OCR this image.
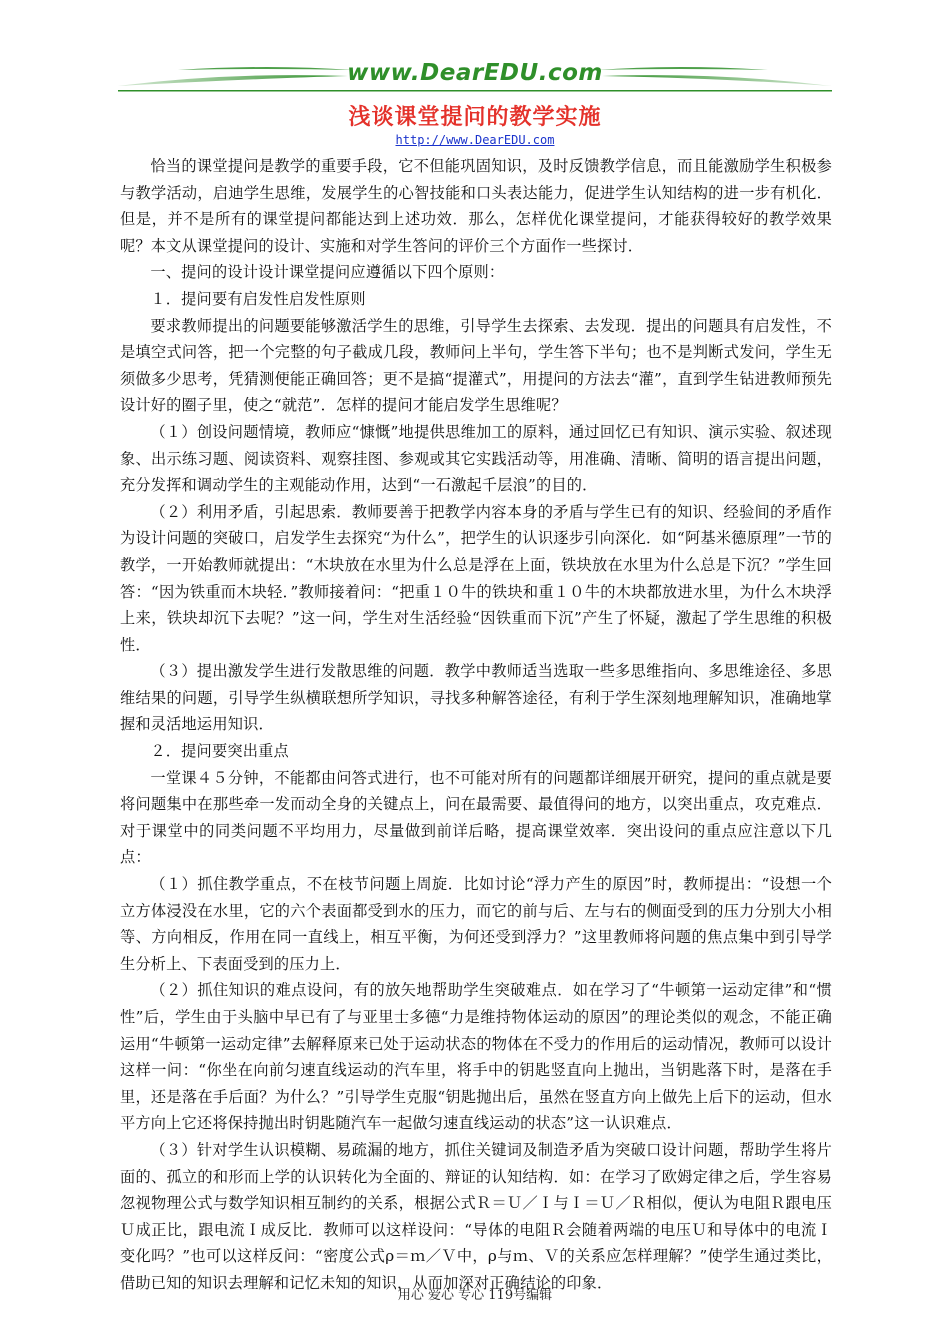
www.DearEDU.com
浅谈课堂提问的教学实施
http://www.DearEDU.com

恰当的课堂提问是教学的重要手段，它不但能巩固知识，及时反馈教学信息，而且能激励学生积极参与教学活动，启迪学生思维，发展学生的心智技能和口头表达能力，促进学生认知结构的进一步有机化．但是，并不是所有的课堂提问都能达到上述功效．那么，怎样优化课堂提问，才能获得较好的教学效果呢？本文从课堂提问的设计、实施和对学生答问的评价三个方面作一些探讨．

一、提问的设计设计课堂提问应遵循以下四个原则：

１．提问要有启发性启发性原则

要求教师提出的问题要能够激活学生的思维，引导学生去探索、去发现．提出的问题具有启发性，不是填空式问答，把一个完整的句子截成几段，教师问上半句，学生答下半句；也不是判断式发问，学生无须做多少思考，凭猜测便能正确回答；更不是搞“提灌式”，用提问的方法去“灌”，直到学生钻进教师预先设计好的圈子里，使之“就范”．怎样的提问才能启发学生思维呢？

（１）创设问题情境，教师应“慷慨”地提供思维加工的原料，通过回忆已有知识、演示实验、叙述现象、出示练习题、阅读资料、观察挂图、参观或其它实践活动等，用准确、清晰、简明的语言提出问题，充分发挥和调动学生的主观能动作用，达到“一石激起千层浪”的目的．

（２）利用矛盾，引起思索．教师要善于把教学内容本身的矛盾与学生已有的知识、经验间的矛盾作为设计问题的突破口，启发学生去探究“为什么”，把学生的认识逐步引向深化．如“阿基米德原理”一节的教学，一开始教师就提出：“木块放在水里为什么总是浮在上面，铁块放在水里为什么总是下沉？”学生回答：“因为铁重而木块轻．”教师接着问：“把重１０牛的铁块和重１０牛的木块都放进水里，为什么木块浮上来，铁块却沉下去呢？”这一问，学生对生活经验“因铁重而下沉”产生了怀疑，激起了学生思维的积极性．

（３）提出激发学生进行发散思维的问题．教学中教师适当选取一些多思维指向、多思维途径、多思维结果的问题，引导学生纵横联想所学知识，寻找多种解答途径，有利于学生深刻地理解知识，准确地掌握和灵活地运用知识．

２．提问要突出重点

一堂课４５分钟，不能都由问答式进行，也不可能对所有的问题都详细展开研究，提问的重点就是要将问题集中在那些牵一发而动全身的关键点上，问在最需要、最值得问的地方，以突出重点，攻克难点．对于课堂中的同类问题不平均用力，尽量做到前详后略，提高课堂效率．突出设问的重点应注意以下几点：

（１）抓住教学重点，不在枝节问题上周旋．比如讨论“浮力产生的原因”时，教师提出：“设想一个立方体浸没在水里，它的六个表面都受到水的压力，而它的前与后、左与右的侧面受到的压力分别大小相等、方向相反，作用在同一直线上，相互平衡，为何还受到浮力？”这里教师将问题的焦点集中到引导学生分析上、下表面受到的压力上．

（２）抓住知识的难点设问，有的放矢地帮助学生突破难点．如在学习了“牛顿第一运动定律”和“惯性”后，学生由于头脑中早已有了与亚里士多德“力是维持物体运动的原因”的理论类似的观念，不能正确运用“牛顿第一运动定律”去解释原来已处于运动状态的物体在不受力的作用后的运动情况，教师可以设计这样一问：“你坐在向前匀速直线运动的汽车里，将手中的钥匙竖直向上抛出，当钥匙落下时，是落在手里，还是落在手后面？为什么？”引导学生克服“钥匙抛出后，虽然在竖直方向上做先上后下的运动，但水平方向上它还将保持抛出时钥匙随汽车一起做匀速直线运动的状态”这一认识难点．

（３）针对学生认识模糊、易疏漏的地方，抓住关键词及制造矛盾为突破口设计问题，帮助学生将片面的、孤立的和形而上学的认识转化为全面的、辩证的认知结构．如：在学习了欧姆定律之后，学生容易忽视物理公式与数学知识相互制约的关系，根据公式Ｒ＝Ｕ／Ｉ与Ｉ＝Ｕ／Ｒ相似，便认为电阻Ｒ跟电压Ｕ成正比，跟电流Ｉ成反比．教师可以这样设问：“导体的电阻Ｒ会随着两端的电压Ｕ和导体中的电流Ｉ变化吗？”也可以这样反问：“密度公式ρ＝ｍ／Ｖ中，ρ与ｍ、Ｖ的关系应怎样理解？”使学生通过类比，借助已知的知识去理解和记忆未知的知识，从而加深对正确结论的印象．

用心 爱心 专心 119号编辑
